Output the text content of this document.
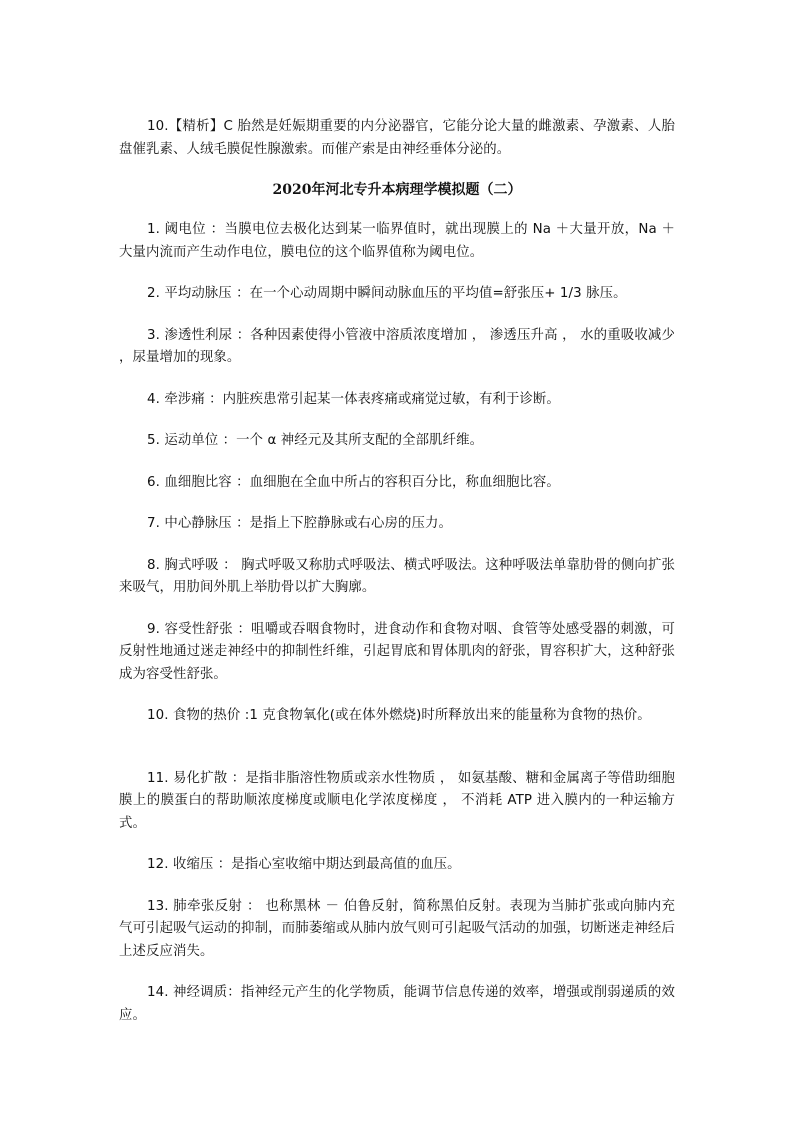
10.【精析】C 胎然是妊娠期重要的内分泌器官，它能分论大量的雌激素、孕激素、人胎盘催乳素、人绒毛膜促性腺激索。而催产索是由神经垂体分泌的。

2020年河北专升本病理学模拟题（二）

1. 阈电位 ：当膜电位去极化达到某一临界值时，就出现膜上的 Na ＋大量开放，Na ＋大量内流而产生动作电位，膜电位的这个临界值称为阈电位。

2. 平均动脉压 ：在一个心动周期中瞬间动脉血压的平均值=舒张压+ 1/3 脉压。

3. 渗透性利尿 ：各种因素使得小管液中溶质浓度增加 ， 渗透压升高 ， 水的重吸收减少 ，尿量增加的现象。

4. 牵涉痛 ：内脏疾患常引起某一体表疼痛或痛觉过敏，有利于诊断。

5. 运动单位 ：一个 α 神经元及其所支配的全部肌纤维。

6. 血细胞比容 ：血细胞在全血中所占的容积百分比，称血细胞比容。

7. 中心静脉压 ：是指上下腔静脉或右心房的压力。

8. 胸式呼吸 ： 胸式呼吸又称肋式呼吸法、横式呼吸法。这种呼吸法单靠肋骨的侧向扩张来吸气，用肋间外肌上举肋骨以扩大胸廓。

9. 容受性舒张 ：咀嚼或吞咽食物时，进食动作和食物对咽、食管等处感受器的刺激，可反射性地通过迷走神经中的抑制性纤维，引起胃底和胃体肌肉的舒张，胃容积扩大，这种舒张成为容受性舒张。

10. 食物的热价 :1 克食物氧化(或在体外燃烧)时所释放出来的能量称为食物的热价。

11. 易化扩散 ：是指非脂溶性物质或亲水性物质 ， 如氨基酸、糖和金属离子等借助细胞膜上的膜蛋白的帮助顺浓度梯度或顺电化学浓度梯度 ， 不消耗 ATP 进入膜内的一种运输方式。

12. 收缩压 ：是指心室收缩中期达到最高值的血压。

13. 肺牵张反射 ： 也称黑林 － 伯鲁反射，简称黑伯反射。表现为当肺扩张或向肺内充气可引起吸气运动的抑制，而肺萎缩或从肺内放气则可引起吸气活动的加强，切断迷走神经后上述反应消失。

14. 神经调质：指神经元产生的化学物质，能调节信息传递的效率，增强或削弱递质的效应。
